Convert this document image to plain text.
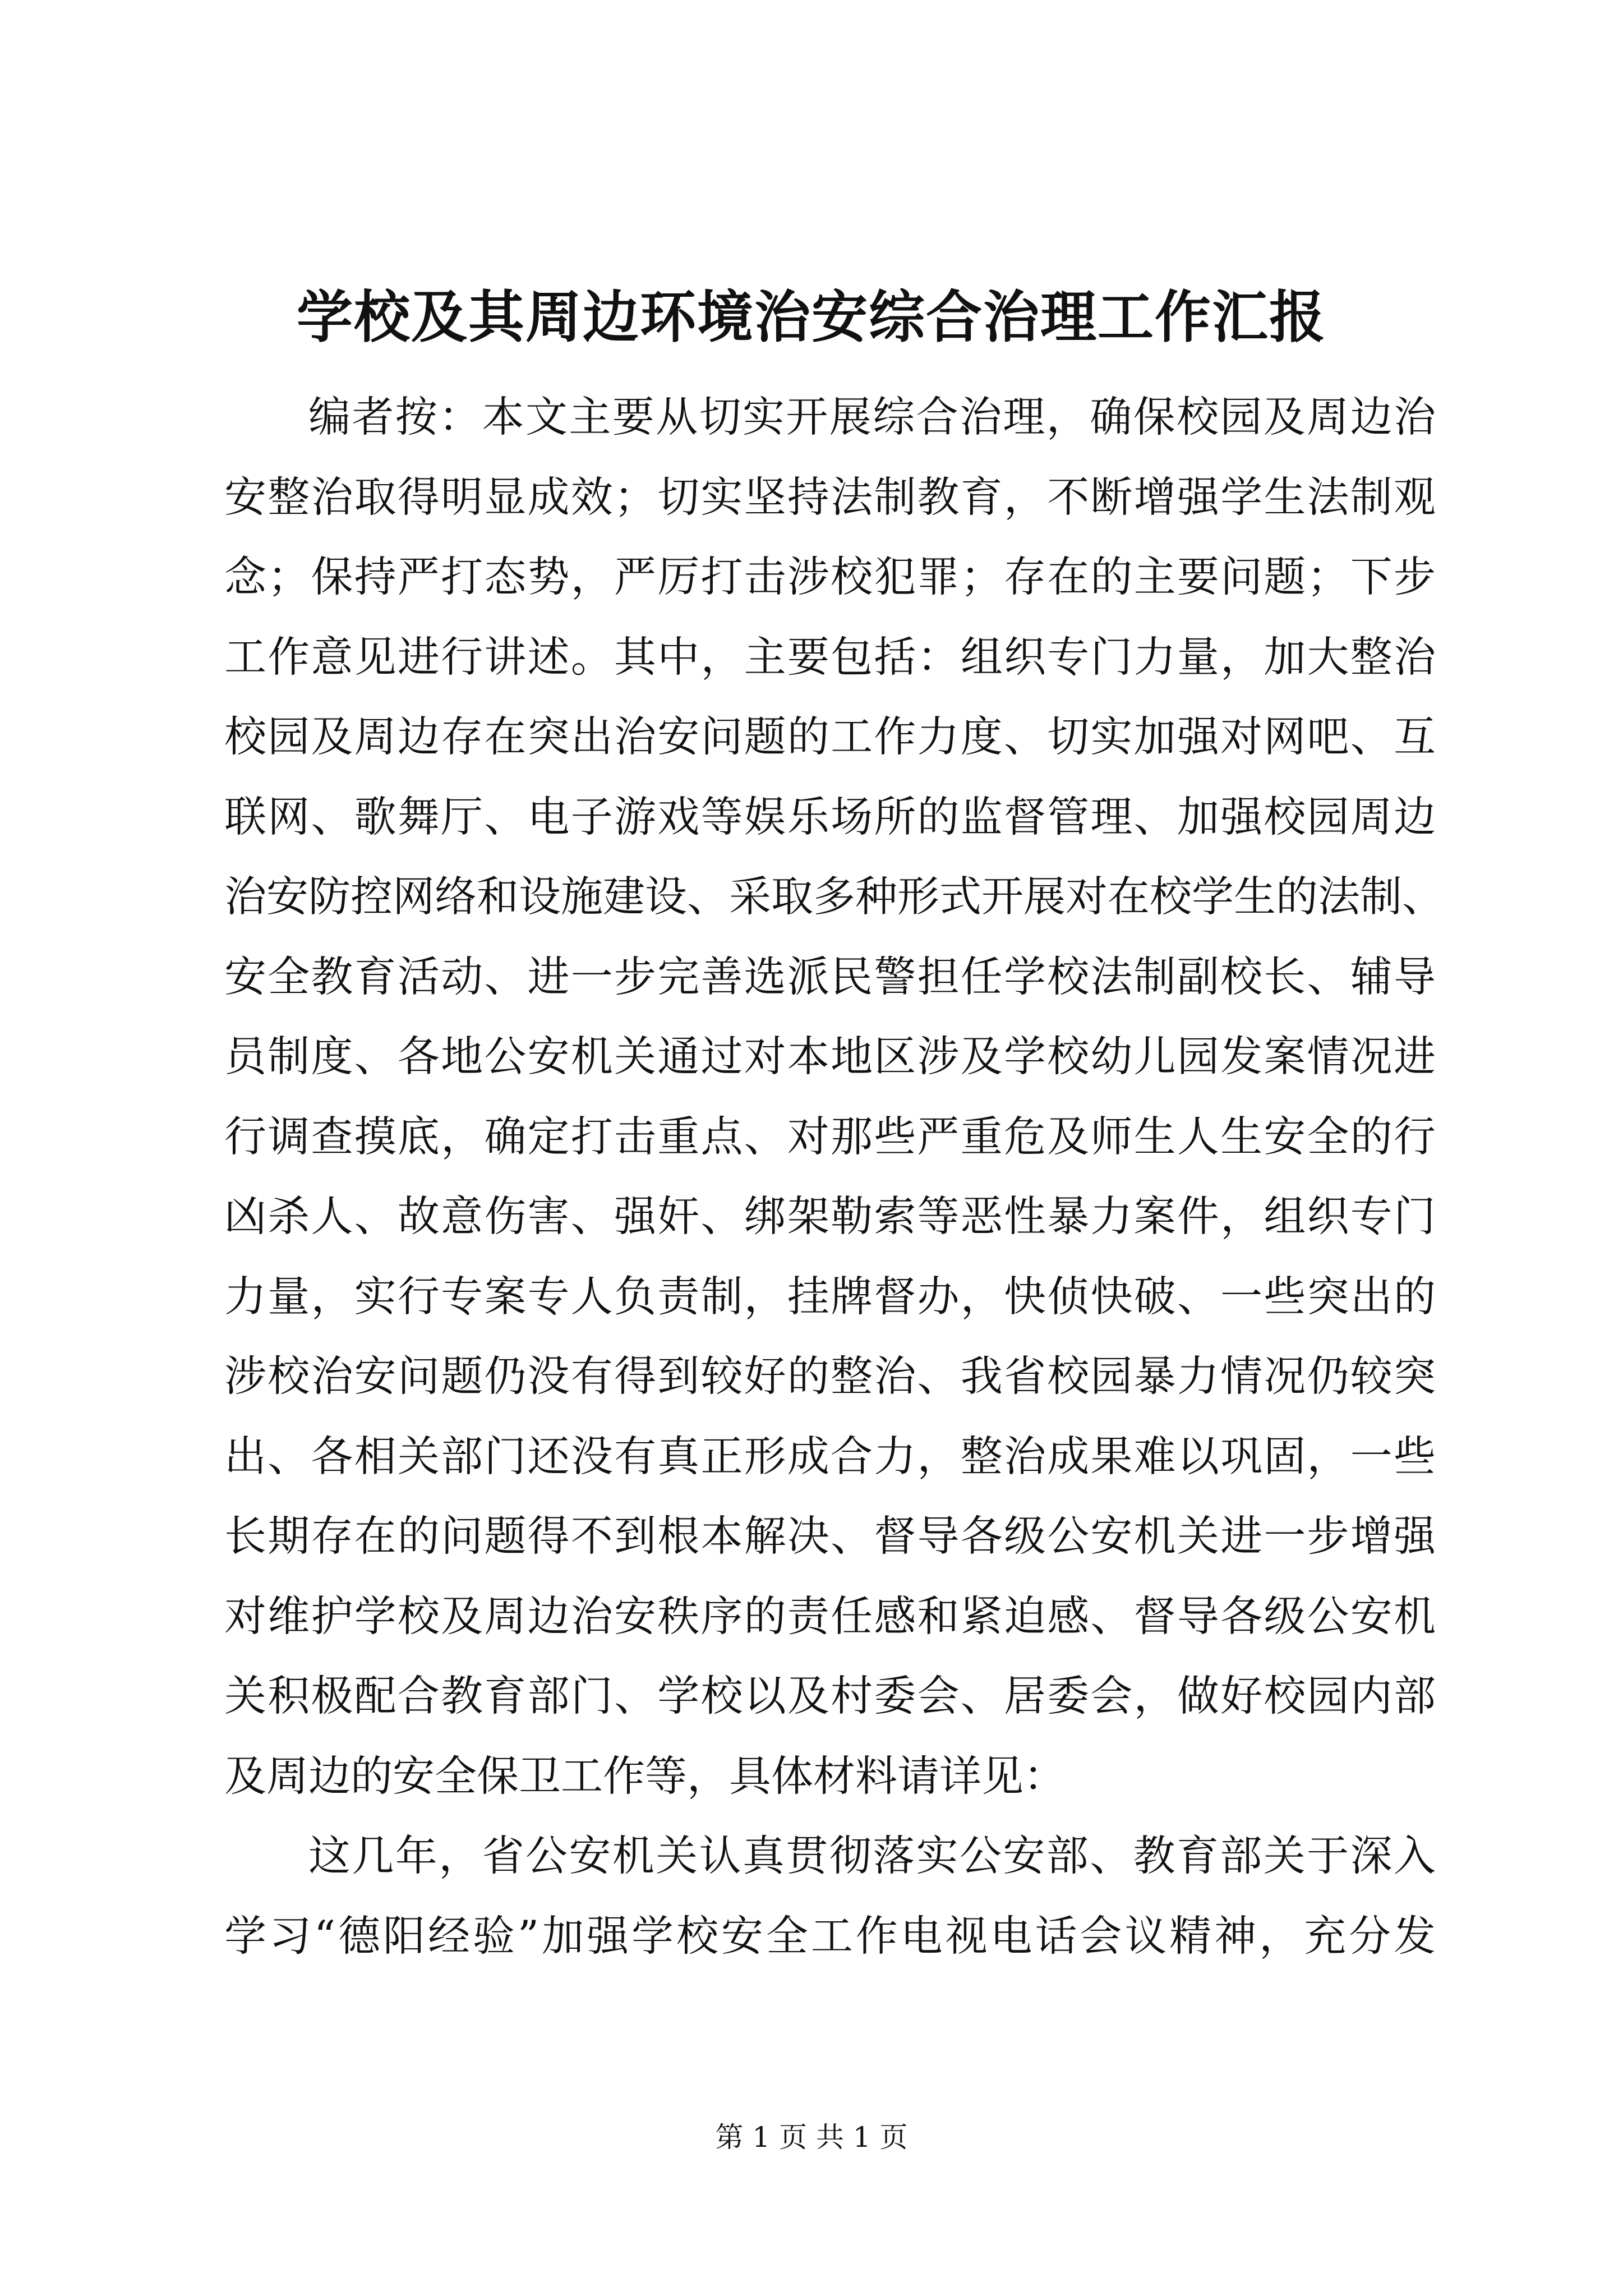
学校及其周边环境治安综合治理工作汇报
编者按：本文主要从切实开展综合治理，确保校园及周边治
安整治取得明显成效；切实坚持法制教育，不断增强学生法制观
念；保持严打态势，严厉打击涉校犯罪；存在的主要问题；下步
工作意见进行讲述。其中，主要包括：组织专门力量，加大整治
校园及周边存在突出治安问题的工作力度、切实加强对网吧、互
联网、歌舞厅、电子游戏等娱乐场所的监督管理、加强校园周边
治安防控网络和设施建设、采取多种形式开展对在校学生的法制、
安全教育活动、进一步完善选派民警担任学校法制副校长、辅导
员制度、各地公安机关通过对本地区涉及学校幼儿园发案情况进
行调查摸底，确定打击重点、对那些严重危及师生人生安全的行
凶杀人、故意伤害、强奸、绑架勒索等恶性暴力案件，组织专门
力量，实行专案专人负责制，挂牌督办，快侦快破、一些突出的
涉校治安问题仍没有得到较好的整治、我省校园暴力情况仍较突
出、各相关部门还没有真正形成合力，整治成果难以巩固，一些
长期存在的问题得不到根本解决、督导各级公安机关进一步增强
对维护学校及周边治安秩序的责任感和紧迫感、督导各级公安机
关积极配合教育部门、学校以及村委会、居委会，做好校园内部
及周边的安全保卫工作等，具体材料请详见：
这几年，省公安机关认真贯彻落实公安部、教育部关于深入
学习“德阳经验”加强学校安全工作电视电话会议精神，充分发
第 1 页 共 1 页
